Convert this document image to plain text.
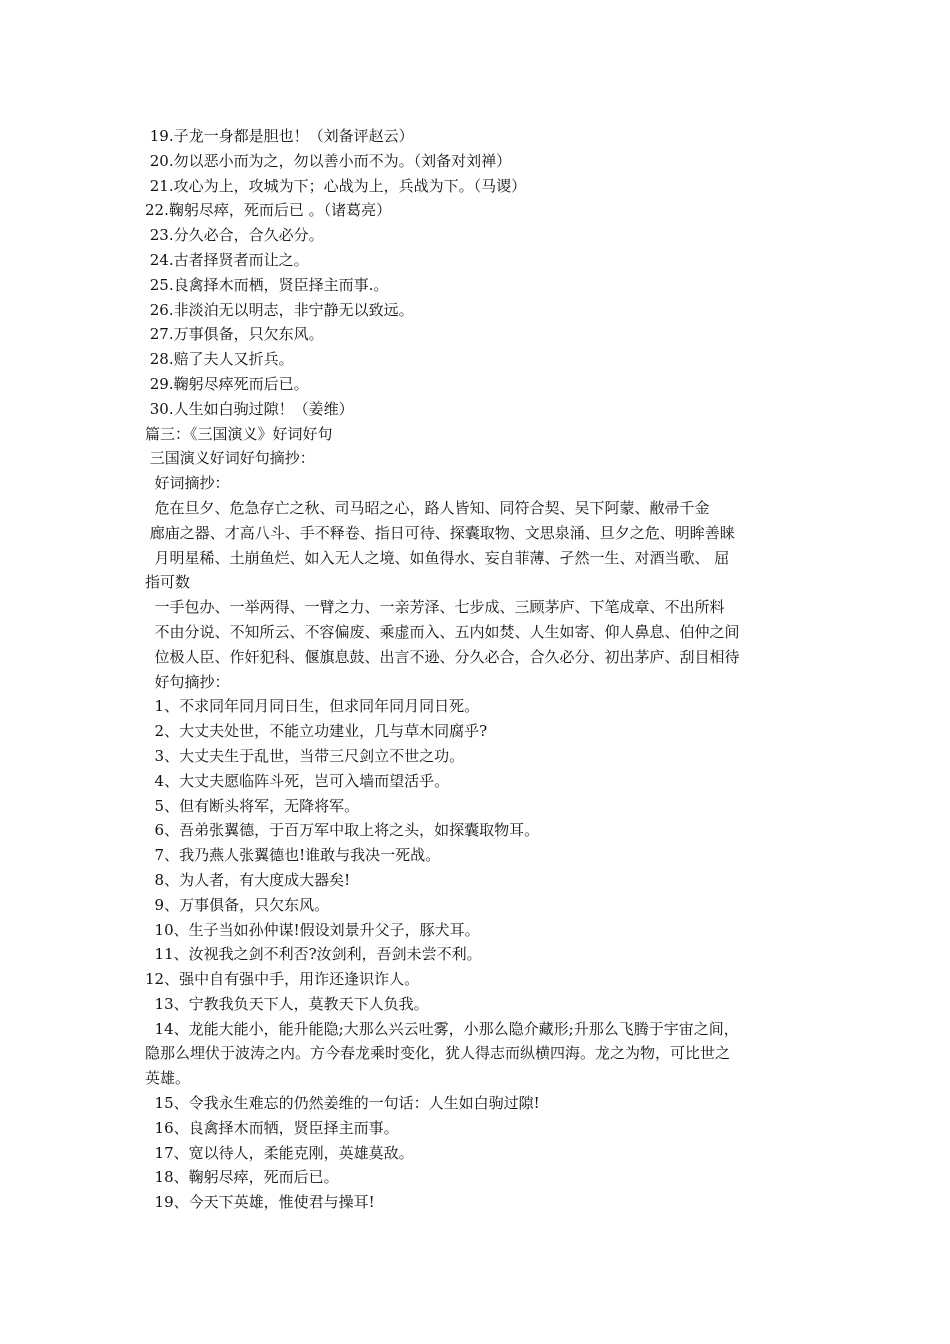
19.子龙一身都是胆也！（刘备评赵云）
20.勿以恶小而为之，勿以善小而不为。（刘备对刘禅）
21.攻心为上，攻城为下；心战为上，兵战为下。（马谡）
22.鞠躬尽瘁，死而后已 。（诸葛亮）
23.分久必合，合久必分。
24.古者择贤者而让之。
25.良禽择木而栖，贤臣择主而事.。
26.非淡泊无以明志，非宁静无以致远。
27.万事俱备，只欠东风。
28.赔了夫人又折兵。
29.鞠躬尽瘁死而后已。
30.人生如白驹过隙！（姜维）
篇三：《三国演义》好词好句
三国演义好词好句摘抄：
好词摘抄：
危在旦夕、危急存亡之秋、司马昭之心，路人皆知、同符合契、吴下阿蒙、敝帚千金
廊庙之器、才高八斗、手不释卷、指日可待、探囊取物、文思泉涌、旦夕之危、明眸善睐
月明星稀、土崩鱼烂、如入无人之境、如鱼得水、妄自菲薄、孑然一生、对酒当歌、 屈
指可数
一手包办、一举两得、一臂之力、一亲芳泽、七步成、三顾茅庐、下笔成章、不出所料
不由分说、不知所云、不容偏废、乘虚而入、五内如焚、人生如寄、仰人鼻息、伯仲之间
位极人臣、作奸犯科、偃旗息鼓、出言不逊、分久必合，合久必分、初出茅庐、刮目相待
好句摘抄：
1、不求同年同月同日生，但求同年同月同日死。
2、大丈夫处世，不能立功建业，几与草木同腐乎?
3、大丈夫生于乱世，当带三尺剑立不世之功。
4、大丈夫愿临阵斗死，岂可入墙而望活乎。
5、但有断头将军，无降将军。
6、吾弟张翼德，于百万军中取上将之头，如探囊取物耳。
7、我乃燕人张翼德也!谁敢与我决一死战。
8、为人者，有大度成大器矣!
9、万事俱备，只欠东风。
10、生子当如孙仲谋!假设刘景升父子，豚犬耳。
11、汝视我之剑不利否?汝剑利，吾剑未尝不利。
12、强中自有强中手，用诈还逢识诈人。
13、宁教我负天下人，莫教天下人负我。
14、龙能大能小，能升能隐;大那么兴云吐雾，小那么隐介藏形;升那么飞腾于宇宙之间，
隐那么埋伏于波涛之内。方今春龙乘时变化，犹人得志而纵横四海。龙之为物，可比世之
英雄。
15、令我永生难忘的仍然姜维的一句话：人生如白驹过隙!
16、良禽择木而牺，贤臣择主而事。
17、宽以待人，柔能克刚，英雄莫敌。
18、鞠躬尽瘁，死而后已。
19、今天下英雄，惟使君与操耳!
